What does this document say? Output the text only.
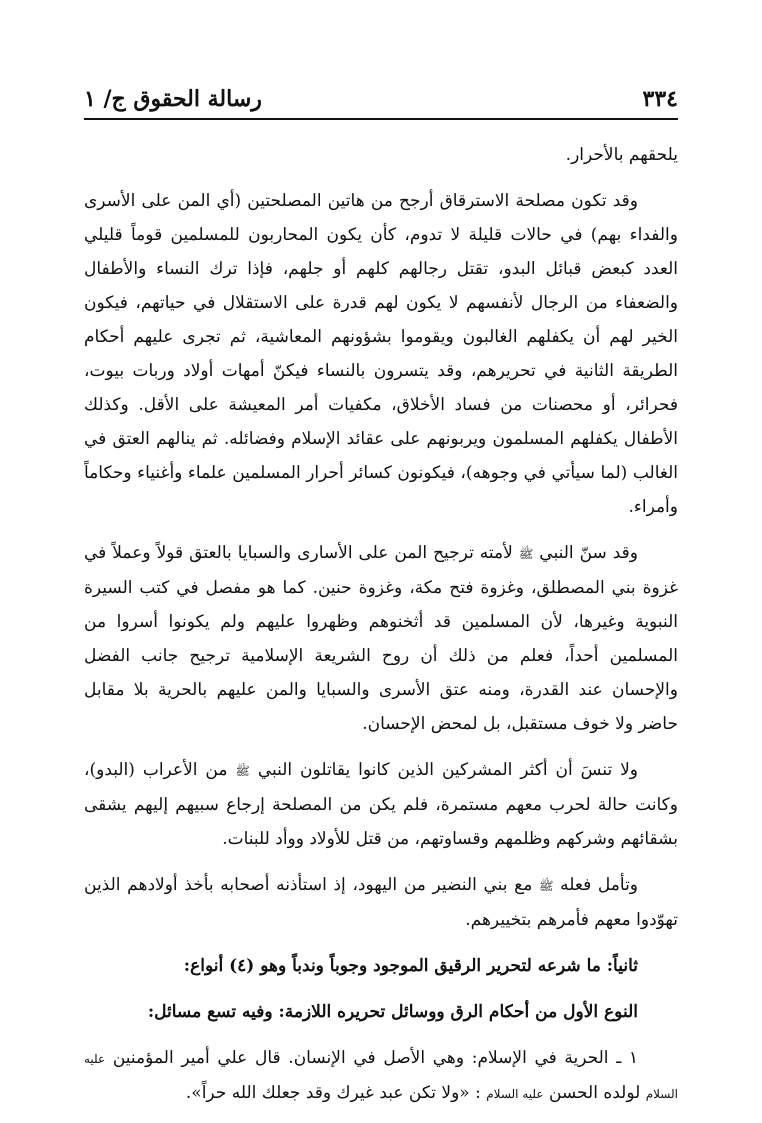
٣٣٤
رسالة الحقوق ج/ ١

يلحقهم بالأحرار.

وقد تكون مصلحة الاسترقاق أرجح من هاتين المصلحتين (أي المن على الأسرى والفداء بهم) في حالات قليلة لا تدوم، كأن يكون المحاربون للمسلمين قوماً قليلي العدد كبعض قبائل البدو، تقتل رجالهم كلهم أو جلهم، فإذا ترك النساء والأطفال والضعفاء من الرجال لأنفسهم لا يكون لهم قدرة على الاستقلال في حياتهم، فيكون الخير لهم أن يكفلهم الغالبون ويقوموا بشؤونهم المعاشية، ثم تجرى عليهم أحكام الطريقة الثانية في تحريرهم، وقد يتسرون بالنساء فيكنّ أمهات أولاد وربات بيوت، فحرائر، أو محصنات من فساد الأخلاق، مكفيات أمر المعيشة على الأقل. وكذلك الأطفال يكفلهم المسلمون ويربونهم على عقائد الإسلام وفضائله. ثم ينالهم العتق في الغالب (لما سيأتي في وجوهه)، فيكونون كسائر أحرار المسلمين علماء وأغنياء وحكاماً وأمراء.

وقد سنّ النبي ﷺ لأمته ترجيح المن على الأسارى والسبايا بالعتق قولاً وعملاً في غزوة بني المصطلق، وغزوة فتح مكة، وغزوة حنين. كما هو مفصل في كتب السيرة النبوية وغيرها، لأن المسلمين قد أثخنوهم وظهروا عليهم ولم يكونوا أسروا من المسلمين أحداً، فعلم من ذلك أن روح الشريعة الإسلامية ترجيح جانب الفضل والإحسان عند القدرة، ومنه عتق الأسرى والسبايا والمن عليهم بالحرية بلا مقابل حاضر ولا خوف مستقبل، بل لمحض الإحسان.

ولا تنسَ أن أكثر المشركين الذين كانوا يقاتلون النبي ﷺ من الأعراب (البدو)، وكانت حالة لحرب معهم مستمرة، فلم يكن من المصلحة إرجاع سبيهم إليهم يشقى بشقائهم وشركهم وظلمهم وقساوتهم، من قتل للأولاد ووأد للبنات.

وتأمل فعله ﷺ مع بني النضير من اليهود، إذ استأذنه أصحابه بأخذ أولادهم الذين تهوّدوا معهم فأمرهم بتخييرهم.

ثانياً: ما شرعه لتحرير الرقيق الموجود وجوباً وندباً وهو (٤) أنواع:

النوع الأول من أحكام الرق ووسائل تحريره اللازمة: وفيه تسع مسائل:

١ ـ الحرية في الإسلام: وهي الأصل في الإنسان. قال علي أمير المؤمنين عليه السلام لولده الحسن عليه السلام : «ولا تكن عبد غيرك وقد جعلك الله حراً».
